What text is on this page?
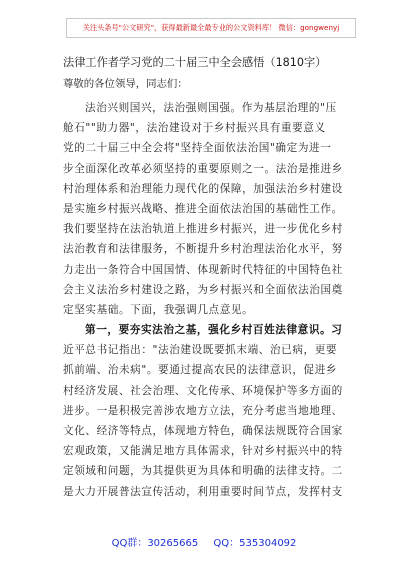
关注头条号"公文研究"，获得最新最全最专业的公文资料库！ 微信：gongwenyj
法律工作者学习党的二十届三中全会感悟（1810字）
尊敬的各位领导，同志们：
法治兴则国兴，法治强则国强。作为基层治理的"压
舱石""助力器"，法治建设对于乡村振兴具有重要意义
党的二十届三中全会将"坚持全面依法治国"确定为进一
步全面深化改革必须坚持的重要原则之一。法治是推进乡
村治理体系和治理能力现代化的保障，加强法治乡村建设
是实施乡村振兴战略、推进全面依法治国的基础性工作。
我们要坚持在法治轨道上推进乡村振兴，进一步优化乡村
法治教育和法律服务，不断提升乡村治理法治化水平，努
力走出一条符合中国国情、体现新时代特征的中国特色社
会主义法治乡村建设之路，为乡村振兴和全面依法治国奠
定坚实基础。下面，我强调几点意见。
第一，要夯实法治之基，强化乡村百姓法律意识。习
近平总书记指出："法治建设既要抓末端、治已病，更要
抓前端、治未病"。要通过提高农民的法律意识，促进乡
村经济发展、社会治理、文化传承、环境保护等多方面的
进步。一是积极完善涉农地方立法，充分考虑当地地理、
文化、经济等特点，体现地方特色，确保法规既符合国家
宏观政策，又能满足地方具体需求，针对乡村振兴中的特
定领域和问题，为其提供更为具体和明确的法律支持。二
是大力开展普法宣传活动，利用重要时间节点，发挥村支
QQ群：30265665 QQ：535304092
